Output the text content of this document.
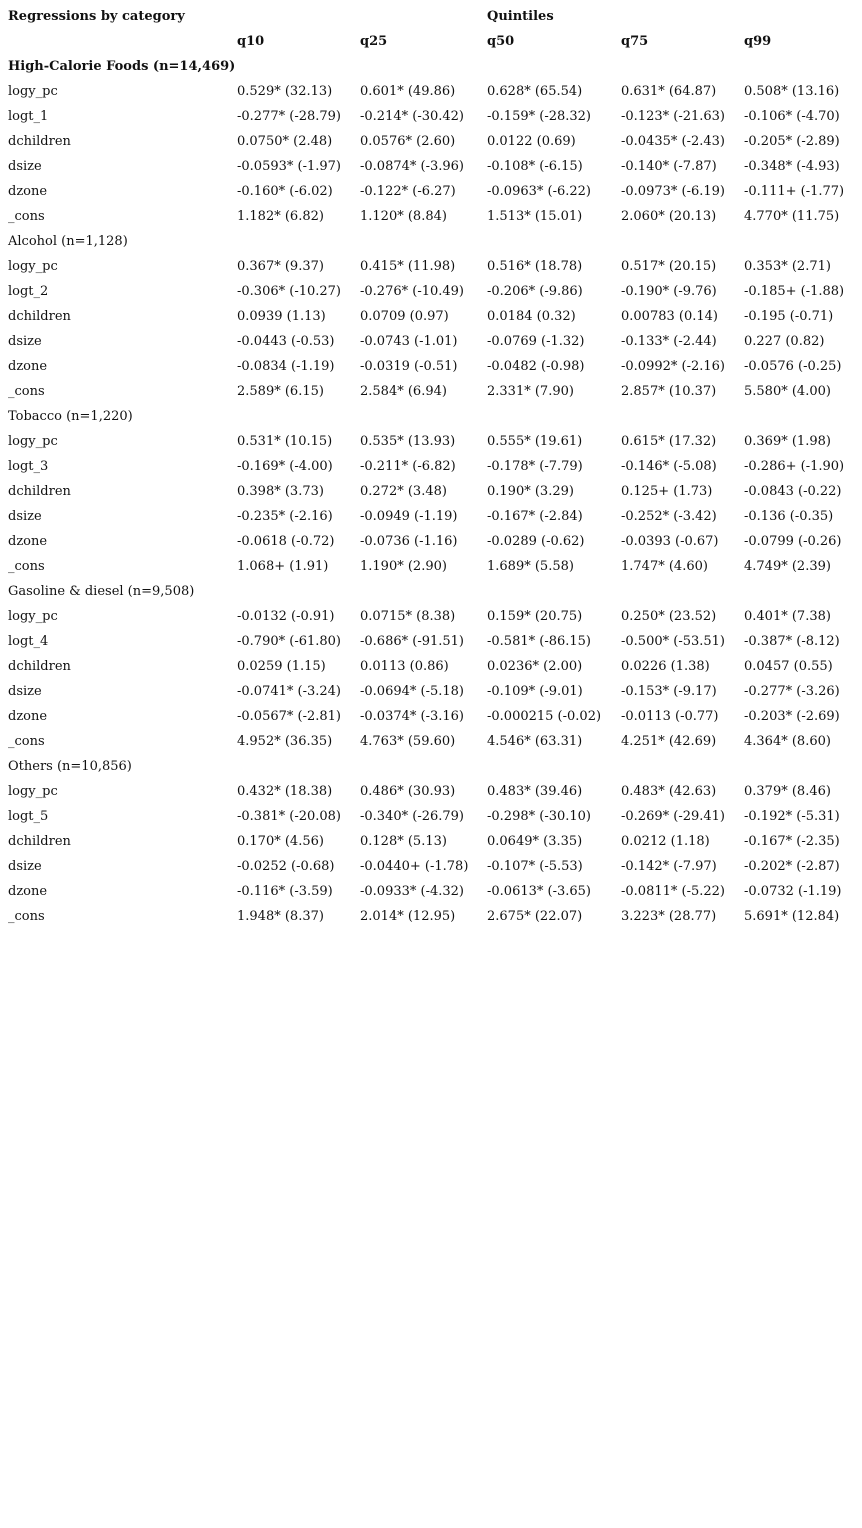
Regressions by category	Quintiles
q10	q25	q50	q75	q99
High-Calorie Foods (n=14,469)
logy_pc	0.529* (32.13) 0.601* (49.86) 0.628* (65.54)	0.631* (64.87) 0.508* (13.16)
logt_1	-0.277* (-28.79) -0.214* (-30.42) -0.159* (-28.32) -0.123* (-21.63) -0.106* (-4.70)
dchildren	0.0750* (2.48) 0.0576* (2.60) 0.0122 (0.69)	-0.0435* (-2.43) -0.205* (-2.89)
dsize	-0.0593* (-1.97) -0.0874* (-3.96) -0.108* (-6.15)	-0.140* (-7.87) -0.348* (-4.93)
dzone	-0.160* (-6.02) -0.122* (-6.27) -0.0963* (-6.22) -0.0973* (-6.19) -0.111+ (-1.77)
_cons	1.182* (6.82)	1.120* (8.84)	1.513* (15.01)	2.060* (20.13) 4.770* (11.75)
Alcohol (n=1,128)
logy_pc	0.367* (9.37)	0.415* (11.98) 0.516* (18.78)	0.517* (20.15) 0.353* (2.71)
logt_2	-0.306* (-10.27) -0.276* (-10.49) -0.206* (-9.86)	-0.190* (-9.76) -0.185+ (-1.88)
dchildren	0.0939 (1.13)	0.0709 (0.97)	0.0184 (0.32)	0.00783 (0.14) -0.195 (-0.71)
dsize	-0.0443 (-0.53) -0.0743 (-1.01) -0.0769 (-1.32)	-0.133* (-2.44) 0.227 (0.82)
dzone	-0.0834 (-1.19) -0.0319 (-0.51) -0.0482 (-0.98)	-0.0992* (-2.16) -0.0576 (-0.25)
_cons	2.589* (6.15)	2.584* (6.94)	2.331* (7.90)	2.857* (10.37) 5.580* (4.00)
Tobacco (n=1,220)
logy_pc	0.531* (10.15) 0.535* (13.93) 0.555* (19.61)	0.615* (17.32) 0.369* (1.98)
logt_3	-0.169* (-4.00) -0.211* (-6.82) -0.178* (-7.79)	-0.146* (-5.08) -0.286+ (-1.90)
dchildren	0.398* (3.73)	0.272* (3.48)	0.190* (3.29)	0.125+ (1.73) -0.0843 (-0.22)
dsize	-0.235* (-2.16) -0.0949 (-1.19) -0.167* (-2.84)	-0.252* (-3.42) -0.136 (-0.35)
dzone	-0.0618 (-0.72) -0.0736 (-1.16) -0.0289 (-0.62)	-0.0393 (-0.67) -0.0799 (-0.26)
_cons	1.068+ (1.91) 1.190* (2.90)	1.689* (5.58)	1.747* (4.60)	4.749* (2.39)
Gasoline & diesel (n=9,508)
logy_pc	-0.0132 (-0.91) 0.0715* (8.38) 0.159* (20.75)	0.250* (23.52) 0.401* (7.38)
logt_4	-0.790* (-61.80) -0.686* (-91.51) -0.581* (-86.15) -0.500* (-53.51) -0.387* (-8.12)
dchildren	0.0259 (1.15)	0.0113 (0.86)	0.0236* (2.00)	0.0226 (1.38)	0.0457 (0.55)
dsize	-0.0741* (-3.24) -0.0694* (-5.18) -0.109* (-9.01)	-0.153* (-9.17) -0.277* (-3.26)
dzone	-0.0567* (-2.81) -0.0374* (-3.16) -0.000215 (-0.02) -0.0113 (-0.77) -0.203* (-2.69)
_cons	4.952* (36.35) 4.763* (59.60) 4.546* (63.31)	4.251* (42.69) 4.364* (8.60)
Others (n=10,856)
logy_pc	0.432* (18.38) 0.486* (30.93) 0.483* (39.46)	0.483* (42.63) 0.379* (8.46)
logt_5	-0.381* (-20.08) -0.340* (-26.79) -0.298* (-30.10) -0.269* (-29.41) -0.192* (-5.31)
dchildren	0.170* (4.56)	0.128* (5.13)	0.0649* (3.35)	0.0212 (1.18)	-0.167* (-2.35)
dsize	-0.0252 (-0.68) -0.0440+ (-1.78) -0.107* (-5.53)	-0.142* (-7.97) -0.202* (-2.87)
dzone	-0.116* (-3.59) -0.0933* (-4.32) -0.0613* (-3.65) -0.0811* (-5.22) -0.0732 (-1.19)
_cons	1.948* (8.37)	2.014* (12.95) 2.675* (22.07)	3.223* (28.77) 5.691* (12.84)
